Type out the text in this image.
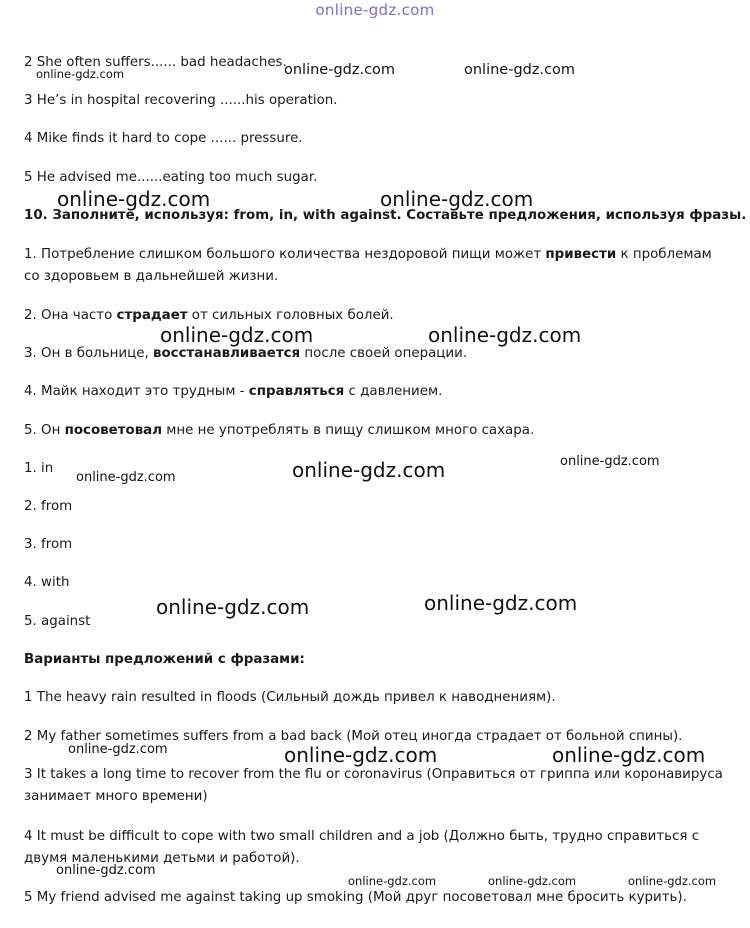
online-gdz.com
2 She often suffers...... bad headaches.
3 He’s in hospital recovering ......his operation.
4 Mike finds it hard to cope ...... pressure.
5 He advised me......eating too much sugar.
10. Заполните, используя: from, in, with against. Составьте предложения, используя фразы.
1. Потребление слишком большого количества нездоровой пищи может привести к проблемам со здоровьем в дальнейшей жизни.
2. Она часто страдает от сильных головных болей.
3. Он в больнице, восстанавливается после своей операции.
4. Майк находит это трудным - справляться с давлением.
5. Он посоветовал мне не употреблять в пищу слишком много сахара.
1. in
2. from
3. from
4. with
5. against
Варианты предложений с фразами:
1 The heavy rain resulted in floods (Сильный дождь привел к наводнениям).
2 My father sometimes suffers from a bad back (Мой отец иногда страдает от больной спины).
3 It takes a long time to recover from the flu or coronavirus (Оправиться от гриппа или коронавируса занимает много времени)
4 It must be difficult to cope with two small children and a job (Должно быть, трудно справиться с двумя маленькими детьми и работой).
5 My friend advised me against taking up smoking (Мой друг посоветовал мне бросить курить).
online-gdz.com	online-gdz.com	online-gdz.com
online-gdz.com	online-gdz.com
online-gdz.com	online-gdz.com
online-gdz.com	online-gdz.com	online-gdz.com
online-gdz.com	online-gdz.com
online-gdz.com	online-gdz.com	online-gdz.com
online-gdz.com
online-gdz.com	online-gdz.com	online-gdz.com
